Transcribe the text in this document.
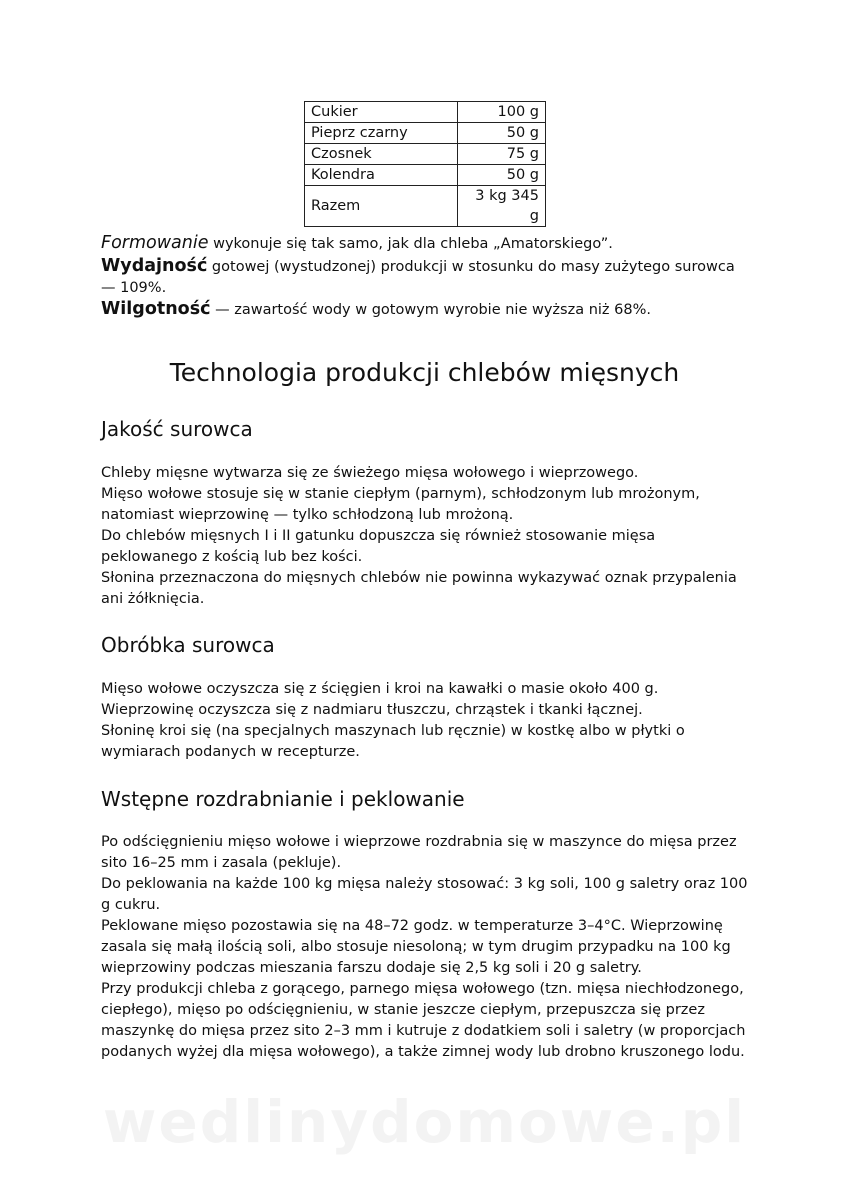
Cukier	100 g
Pieprz czarny	50 g
Czosnek	75 g
Kolendra	50 g
Razem	3 kg 345 g
Formowanie wykonuje się tak samo, jak dla chleba „Amatorskiego”.
Wydajność gotowej (wystudzonej) produkcji w stosunku do masy zużytego surowca
— 109%.
Wilgotność — zawartość wody w gotowym wyrobie nie wyższa niż 68%.
Technologia produkcji chlebów mięsnych
Jakość surowca
Chleby mięsne wytwarza się ze świeżego mięsa wołowego i wieprzowego.
Mięso wołowe stosuje się w stanie ciepłym (parnym), schłodzonym lub mrożonym,
natomiast wieprzowinę — tylko schłodzoną lub mrożoną.
Do chlebów mięsnych I i II gatunku dopuszcza się również stosowanie mięsa
peklowanego z kością lub bez kości.
Słonina przeznaczona do mięsnych chlebów nie powinna wykazywać oznak przypalenia
ani żółknięcia.
Obróbka surowca
Mięso wołowe oczyszcza się z ścięgien i kroi na kawałki o masie około 400 g.
Wieprzowinę oczyszcza się z nadmiaru tłuszczu, chrząstek i tkanki łącznej.
Słoninę kroi się (na specjalnych maszynach lub ręcznie) w kostkę albo w płytki o
wymiarach podanych w recepturze.
Wstępne rozdrabnianie i peklowanie
Po odścięgnieniu mięso wołowe i wieprzowe rozdrabnia się w maszynce do mięsa przez
sito 16–25 mm i zasala (pekluje).
Do peklowania na każde 100 kg mięsa należy stosować: 3 kg soli, 100 g saletry oraz 100
g cukru.
Peklowane mięso pozostawia się na 48–72 godz. w temperaturze 3–4°C. Wieprzowinę
zasala się małą ilością soli, albo stosuje niesoloną; w tym drugim przypadku na 100 kg
wieprzowiny podczas mieszania farszu dodaje się 2,5 kg soli i 20 g saletry.
Przy produkcji chleba z gorącego, parnego mięsa wołowego (tzn. mięsa niechłodzonego,
ciepłego), mięso po odścięgnieniu, w stanie jeszcze ciepłym, przepuszcza się przez
maszynkę do mięsa przez sito 2–3 mm i kutruje z dodatkiem soli i saletry (w proporcjach
podanych wyżej dla mięsa wołowego), a także zimnej wody lub drobno kruszonego lodu.
wedlinydomowe.pl
